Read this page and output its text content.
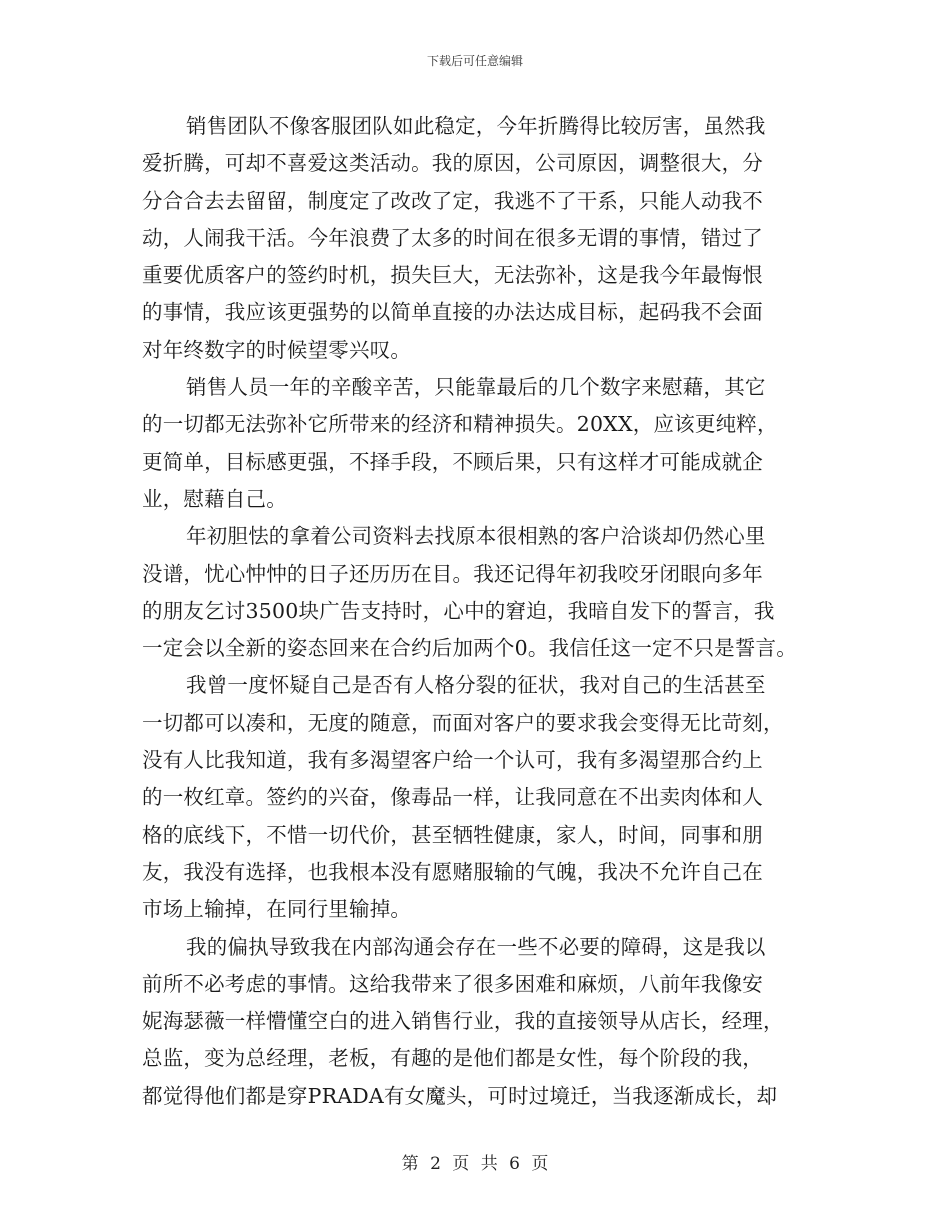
下载后可任意编辑
销售团队不像客服团队如此稳定，今年折腾得比较厉害，虽然我
爱折腾，可却不喜爱这类活动。我的原因，公司原因，调整很大，分
分合合去去留留，制度定了改改了定，我逃不了干系，只能人动我不
动，人闹我干活。今年浪费了太多的时间在很多无谓的事情，错过了
重要优质客户的签约时机，损失巨大，无法弥补，这是我今年最悔恨
的事情，我应该更强势的以简单直接的办法达成目标，起码我不会面
对年终数字的时候望零兴叹。
销售人员一年的辛酸辛苦，只能靠最后的几个数字来慰藉，其它
的一切都无法弥补它所带来的经济和精神损失。20XX，应该更纯粹，
更简单，目标感更强，不择手段，不顾后果，只有这样才可能成就企
业，慰藉自己。
年初胆怯的拿着公司资料去找原本很相熟的客户洽谈却仍然心里
没谱，忧心忡忡的日子还历历在目。我还记得年初我咬牙闭眼向多年
的朋友乞讨3500块广告支持时，心中的窘迫，我暗自发下的誓言，我
一定会以全新的姿态回来在合约后加两个0。我信任这一定不只是誓言。
我曾一度怀疑自己是否有人格分裂的征状，我对自己的生活甚至
一切都可以凑和，无度的随意，而面对客户的要求我会变得无比苛刻，
没有人比我知道，我有多渴望客户给一个认可，我有多渴望那合约上
的一枚红章。签约的兴奋，像毒品一样，让我同意在不出卖肉体和人
格的底线下，不惜一切代价，甚至牺牲健康，家人，时间，同事和朋
友，我没有选择，也我根本没有愿赌服输的气魄，我决不允许自己在
市场上输掉，在同行里输掉。
我的偏执导致我在内部沟通会存在一些不必要的障碍，这是我以
前所不必考虑的事情。这给我带来了很多困难和麻烦，八前年我像安
妮海瑟薇一样懵懂空白的进入销售行业，我的直接领导从店长，经理，
总监，变为总经理，老板，有趣的是他们都是女性，每个阶段的我，
都觉得他们都是穿PRADA有女魔头，可时过境迁，当我逐渐成长，却
第 2 页 共 6 页
